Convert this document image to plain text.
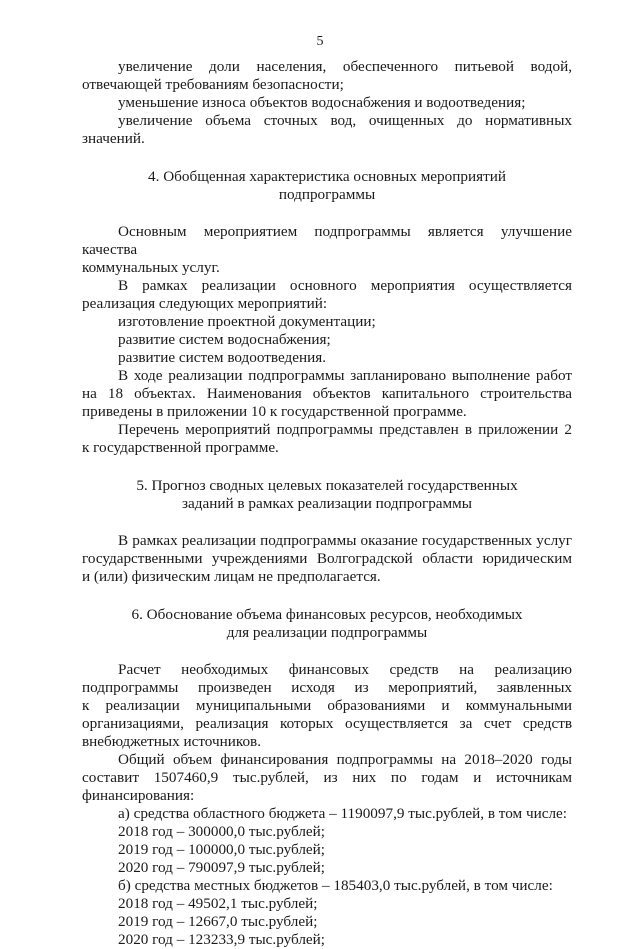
5

увеличение доли населения, обеспеченного питьевой водой,

отвечающей требованиям безопасности;

уменьшение износа объектов водоснабжения и водоотведения;

увеличение объема сточных вод, очищенных до нормативных

значений.

4. Обобщенная характеристика основных мероприятий

подпрограммы

Основным мероприятием подпрограммы является улучшение качества

коммунальных услуг.

В рамках реализации основного мероприятия осуществляется

реализация следующих мероприятий:

изготовление проектной документации;

развитие систем водоснабжения;

развитие систем водоотведения.

В ходе реализации подпрограммы запланировано выполнение работ

на 18 объектах. Наименования объектов капитального строительства

приведены в приложении 10 к государственной программе.

Перечень мероприятий подпрограммы представлен в приложении 2

к государственной программе.

5. Прогноз сводных целевых показателей государственных

заданий в рамках реализации подпрограммы

В рамках реализации подпрограммы оказание государственных услуг

государственными учреждениями Волгоградской области юридическим

и (или) физическим лицам не предполагается.

6. Обоснование объема финансовых ресурсов, необходимых

для реализации подпрограммы

Расчет необходимых финансовых средств на реализацию

подпрограммы произведен исходя из мероприятий, заявленных

к реализации муниципальными образованиями и коммунальными

организациями, реализация которых осуществляется за счет средств

внебюджетных источников.

Общий объем финансирования подпрограммы на 2018–2020 годы

составит 1507460,9 тыс.рублей, из них по годам и источникам

финансирования:

а) средства областного бюджета – 1190097,9 тыс.рублей, в том числе:

2018 год – 300000,0 тыс.рублей;

2019 год – 100000,0 тыс.рублей;

2020 год – 790097,9 тыс.рублей;

б) средства местных бюджетов – 185403,0 тыс.рублей, в том числе:

2018 год – 49502,1 тыс.рублей;

2019 год – 12667,0 тыс.рублей;

2020 год – 123233,9 тыс.рублей;
